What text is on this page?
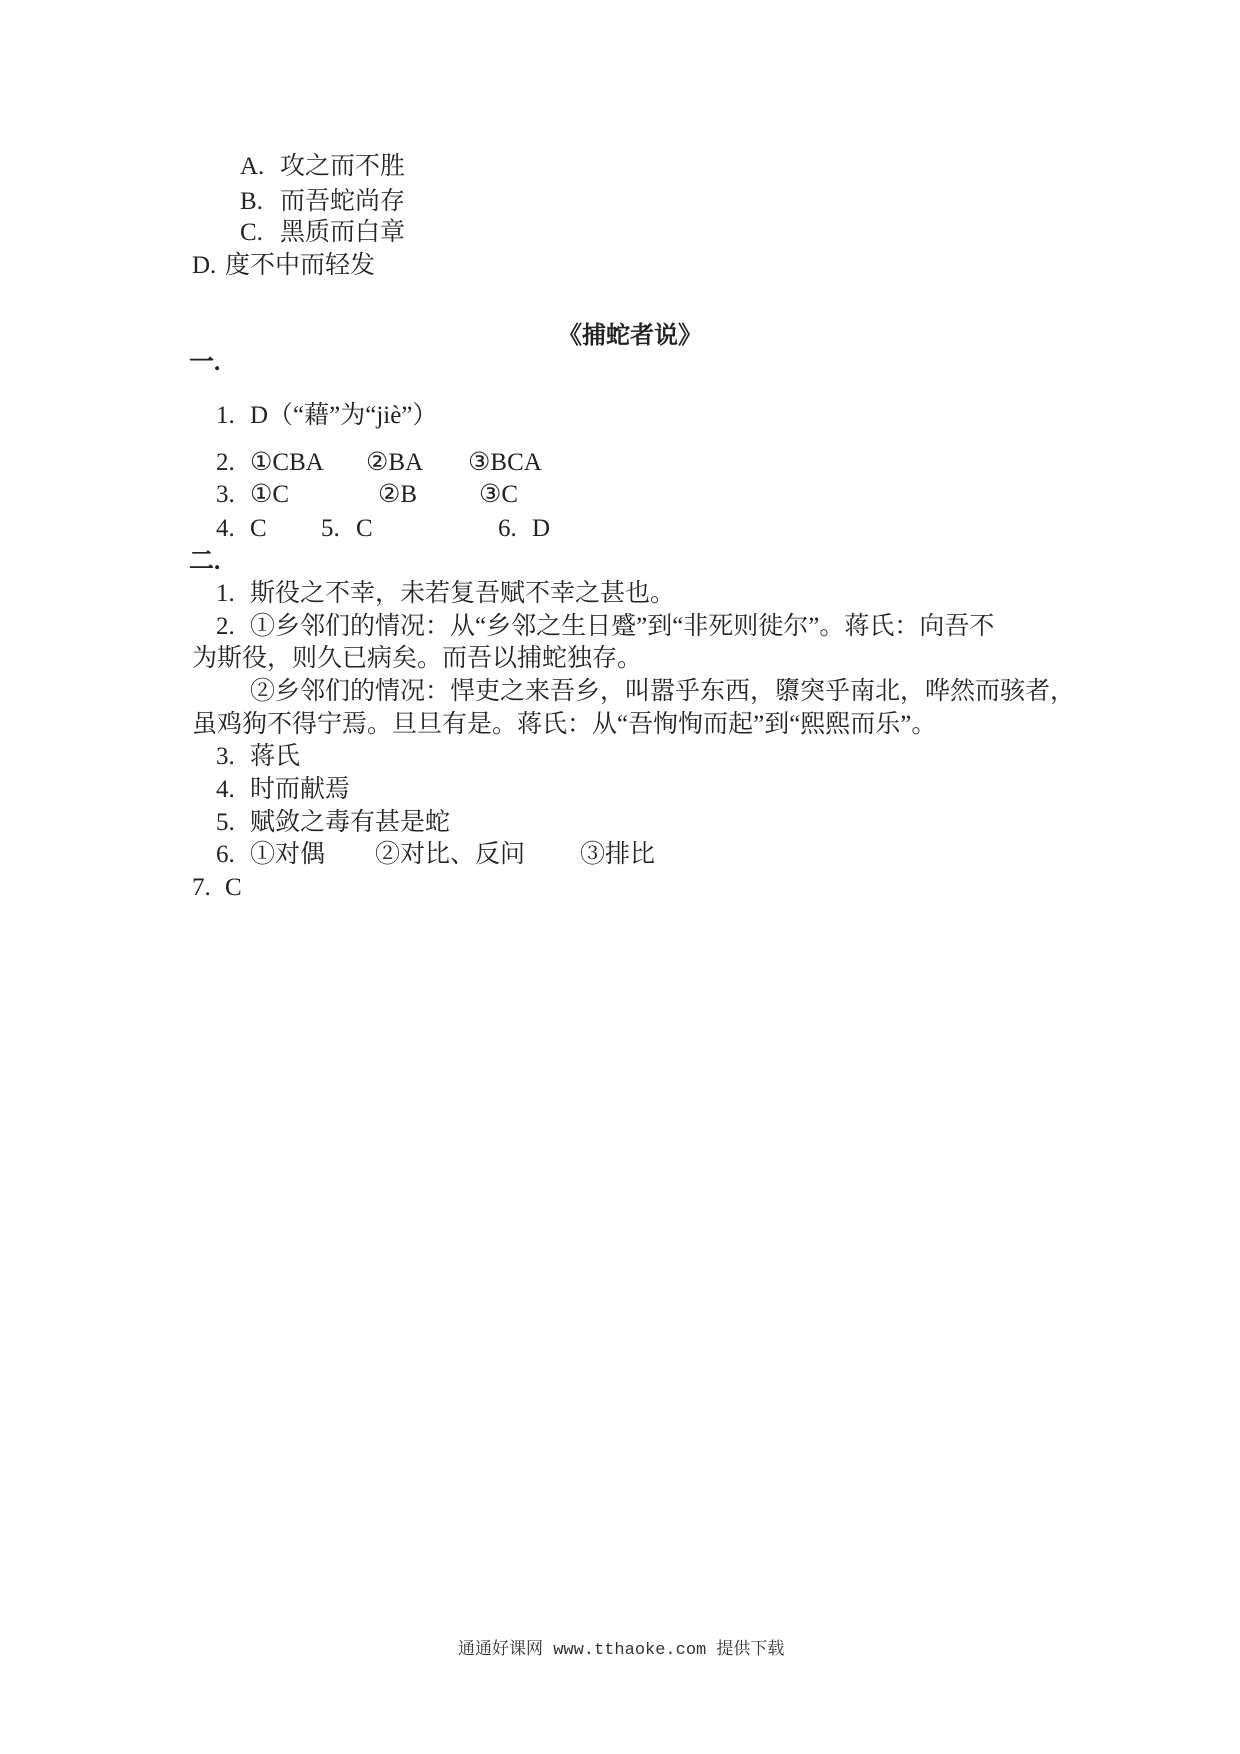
A. 攻之而不胜
B. 而吾蛇尚存
C. 黑质而白章
D. 度不中而轻发
《捕蛇者说》
一.
1. D（“藉”为“jiè”）
2. ①CBA ②BA ③BCA
3. ①C	②B ③C
4. C 5. C	6. D
二.
1. 斯役之不幸，未若复吾赋不幸之甚也。
2. ①乡邻们的情况：从“乡邻之生日蹙”到“非死则徙尔”。蒋氏：向吾不
为斯役，则久已病矣。而吾以捕蛇独存。
②乡邻们的情况：悍吏之来吾乡，叫嚣乎东西，隳突乎南北，哗然而骇者，
虽鸡狗不得宁焉。旦旦有是。蒋氏：从“吾恂恂而起”到“熙熙而乐”。
3. 蒋氏
4. 时而献焉
5. 赋敛之毒有甚是蛇
6. ①对偶 ②对比、反问 ③排比
7. C
通通好课网 www.tthaoke.com 提供下载
